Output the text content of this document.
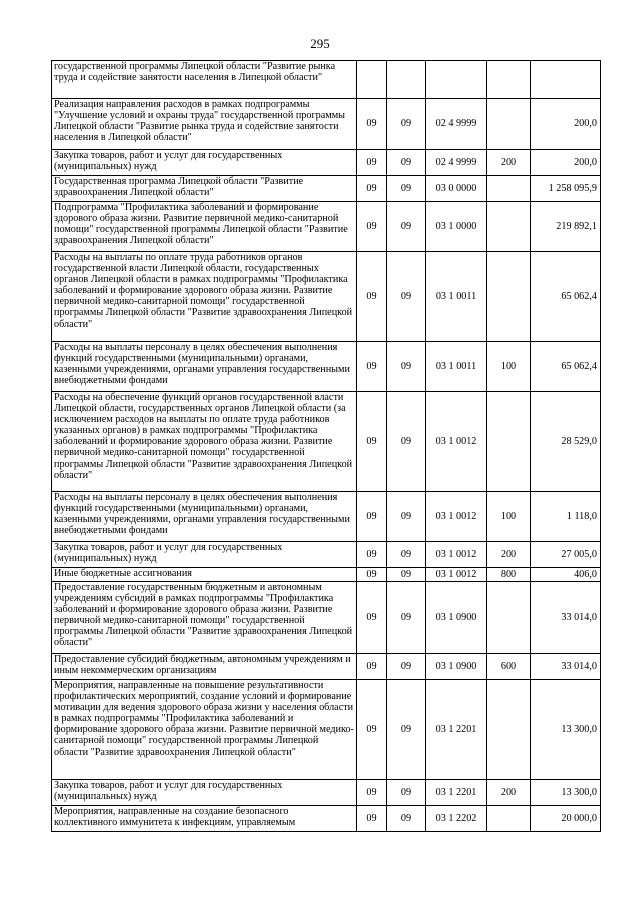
295
государственной программы Липецкой области "Развитие рынка труда и содействие занятости населения в Липецкой области"					
Реализация направления расходов в рамках подпрограммы "Улучшение условий и охраны труда" государственной программы Липецкой области "Развитие рынка труда и содействие занятости населения в Липецкой области"	09	09	02 4 9999		200,0
Закупка товаров, работ и услуг для государственных (муниципальных) нужд	09	09	02 4 9999	200	200,0
Государственная программа Липецкой области "Развитие здравоохранения Липецкой области"	09	09	03 0 0000		1 258 095,9
Подпрограмма "Профилактика заболеваний и формирование здорового образа жизни. Развитие первичной медико-санитарной помощи" государственной программы Липецкой области "Развитие здравоохранения Липецкой области"	09	09	03 1 0000		219 892,1
Расходы на выплаты по оплате труда работников органов государственной власти Липецкой области, государственных органов Липецкой области в рамках подпрограммы "Профилактика заболеваний и формирование здорового образа жизни. Развитие первичной медико-санитарной помощи" государственной программы Липецкой области "Развитие здравоохранения Липецкой области"	09	09	03 1 0011		65 062,4
Расходы на выплаты персоналу в целях обеспечения выполнения функций государственными (муниципальными) органами, казенными учреждениями, органами управления государственными внебюджетными фондами	09	09	03 1 0011	100	65 062,4
Расходы на обеспечение функций органов государственной власти Липецкой области, государственных органов Липецкой области (за исключением расходов на выплаты по оплате труда работников указанных органов) в рамках подпрограммы "Профилактика заболеваний и формирование здорового образа жизни. Развитие первичной медико-санитарной помощи" государственной программы Липецкой области "Развитие здравоохранения Липецкой области"	09	09	03 1 0012		28 529,0
Расходы на выплаты персоналу в целях обеспечения выполнения функций государственными (муниципальными) органами, казенными учреждениями, органами управления государственными внебюджетными фондами	09	09	03 1 0012	100	1 118,0
Закупка товаров, работ и услуг для государственных (муниципальных) нужд	09	09	03 1 0012	200	27 005,0
Иные бюджетные ассигнования	09	09	03 1 0012	800	406,0
Предоставление государственным бюджетным и автономным учреждениям субсидий в рамках подпрограммы "Профилактика заболеваний и формирование здорового образа жизни. Развитие первичной медико-санитарной помощи" государственной программы Липецкой области "Развитие здравоохранения Липецкой области"	09	09	03 1 0900		33 014,0
Предоставление субсидий бюджетным, автономным учреждениям и иным некоммерческим организациям	09	09	03 1 0900	600	33 014,0
Мероприятия, направленные на повышение результативности профилактических мероприятий, создание условий и формирование мотивации для ведения здорового образа жизни у населения области в рамках подпрограммы "Профилактика заболеваний и формирование здорового образа жизни. Развитие первичной медико-санитарной помощи" государственной программы Липецкой области "Развитие здравоохранения Липецкой области"	09	09	03 1 2201		13 300,0
Закупка товаров, работ и услуг для государственных (муниципальных) нужд	09	09	03 1 2201	200	13 300,0
Мероприятия, направленные на создание безопасного коллективного иммунитета к инфекциям, управляемым	09	09	03 1 2202		20 000,0
